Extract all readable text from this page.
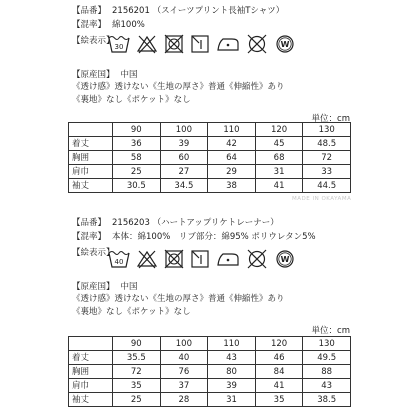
MADE IN OKAYAMA
【品番】 2156201 （スイーツプリント長袖Tシャツ）
【混率】 綿100%
【絵表示】
30	W
【原産国】 中国
《透け感》透けない《生地の厚さ》普通《伸縮性》あり
《裏地》なし《ポケット》なし
単位：cm
	90	100	110	120	130
着丈	36	39	42	45	48.5
胸囲	58	60	64	68	72
肩巾	25	27	29	31	33
袖丈	30.5	34.5	38	41	44.5
【品番】 2156203 （ハートアップリケトレーナー）
【混率】 本体：綿100%　リブ部分：綿95% ポリウレタン5%
【絵表示】
40	W
【原産国】 中国
《透け感》透けない《生地の厚さ》普通《伸縮性》あり
《裏地》なし《ポケット》なし
単位：cm
	90	100	110	120	130
着丈	35.5	40	43	46	49.5
胸囲	72	76	80	84	88
肩巾	35	37	39	41	43
袖丈	25	28	31	35	38.5
